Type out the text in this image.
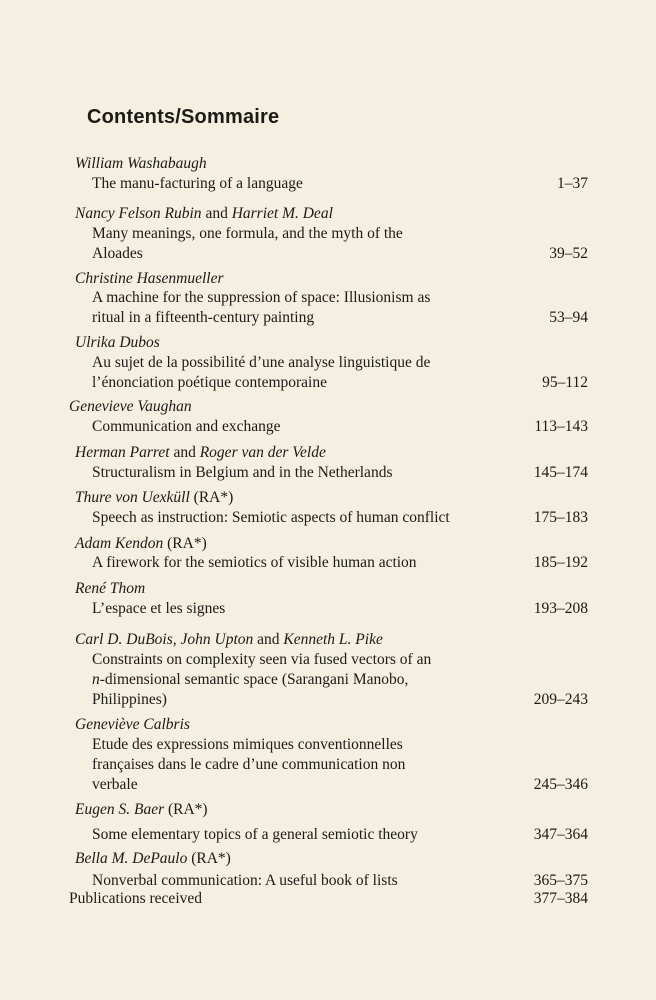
Contents/Sommaire
William Washabaugh
The manu-facturing of a language	1–37
Nancy Felson Rubin and Harriet M. Deal
Many meanings, one formula, and the myth of the
Aloades	39–52
Christine Hasenmueller
A machine for the suppression of space: Illusionism as
ritual in a fifteenth-century painting	53–94
Ulrika Dubos
Au sujet de la possibilité d’une analyse linguistique de
l’énonciation poétique contemporaine	95–112
Genevieve Vaughan
Communication and exchange	113–143
Herman Parret and Roger van der Velde
Structuralism in Belgium and in the Netherlands	145–174
Thure von Uexküll (RA*)
Speech as instruction: Semiotic aspects of human conflict	175–183
Adam Kendon (RA*)
A firework for the semiotics of visible human action	185–192
René Thom
L’espace et les signes	193–208
Carl D. DuBois, John Upton and Kenneth L. Pike
Constraints on complexity seen via fused vectors of an
n-dimensional semantic space (Sarangani Manobo,
Philippines)	209–243
Geneviève Calbris
Etude des expressions mimiques conventionnelles
françaises dans le cadre d’une communication non
verbale	245–346
Eugen S. Baer (RA*)
Some elementary topics of a general semiotic theory	347–364
Bella M. DePaulo (RA*)
Nonverbal communication: A useful book of lists	365–375
Publications received	377–384
